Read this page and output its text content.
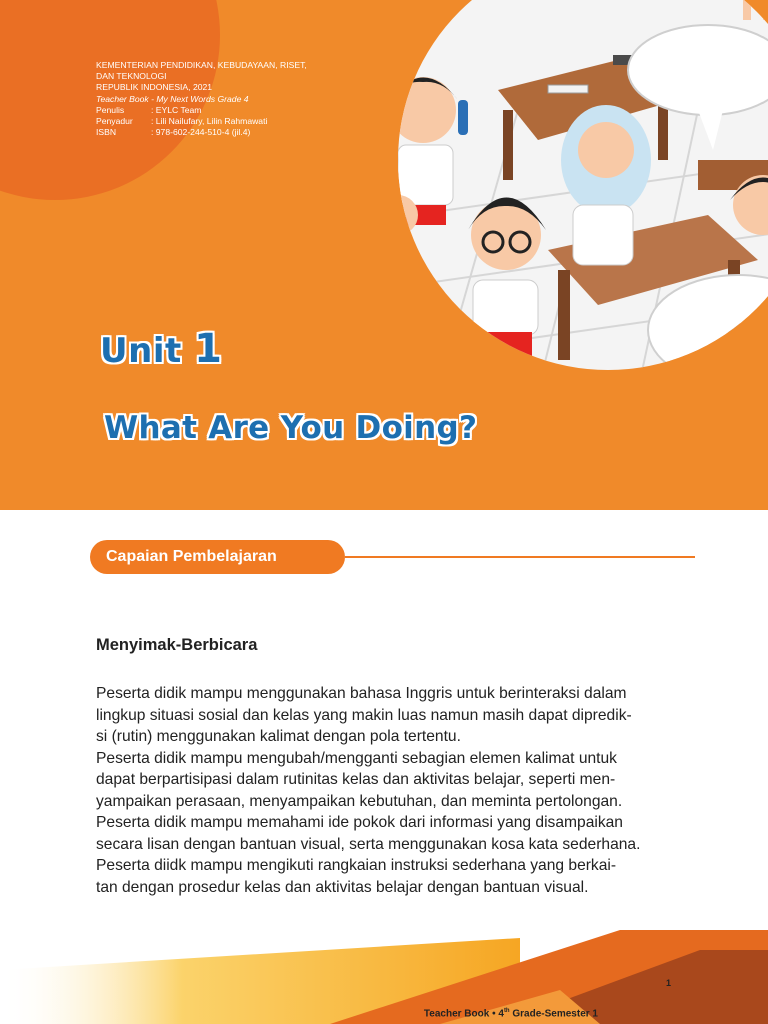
KEMENTERIAN PENDIDIKAN, KEBUDAYAAN, RISET,

DAN TEKNOLOGI

REPUBLIK INDONESIA, 2021

Teacher Book - My Next Words Grade 4
Penulis	: EYLC Team
Penyadur	: Lili Nailufary, Lilin Rahmawati
ISBN	: 978-602-244-510-4 (jil.4)
Unit 1
What Are You Doing?
Capaian Pembelajaran
Menyimak-Berbicara

Peserta didik mampu menggunakan bahasa Inggris untuk berinteraksi dalam
lingkup situasi sosial dan kelas yang makin luas namun masih dapat dipredik-
si (rutin) menggunakan kalimat dengan pola tertentu.
Peserta didik mampu mengubah/mengganti sebagian elemen kalimat untuk
dapat berpartisipasi dalam rutinitas kelas dan aktivitas belajar, seperti men-
yampaikan perasaan, menyampaikan kebutuhan, dan meminta pertolongan.
Peserta didik mampu memahami ide pokok dari informasi yang disampaikan
secara lisan dengan bantuan visual, serta menggunakan kosa kata sederhana.
Peserta diidk mampu mengikuti rangkaian instruksi sederhana yang berkai-
tan dengan prosedur kelas dan aktivitas belajar dengan bantuan visual.

Teacher Book • 4th Grade-Semester 1
1
